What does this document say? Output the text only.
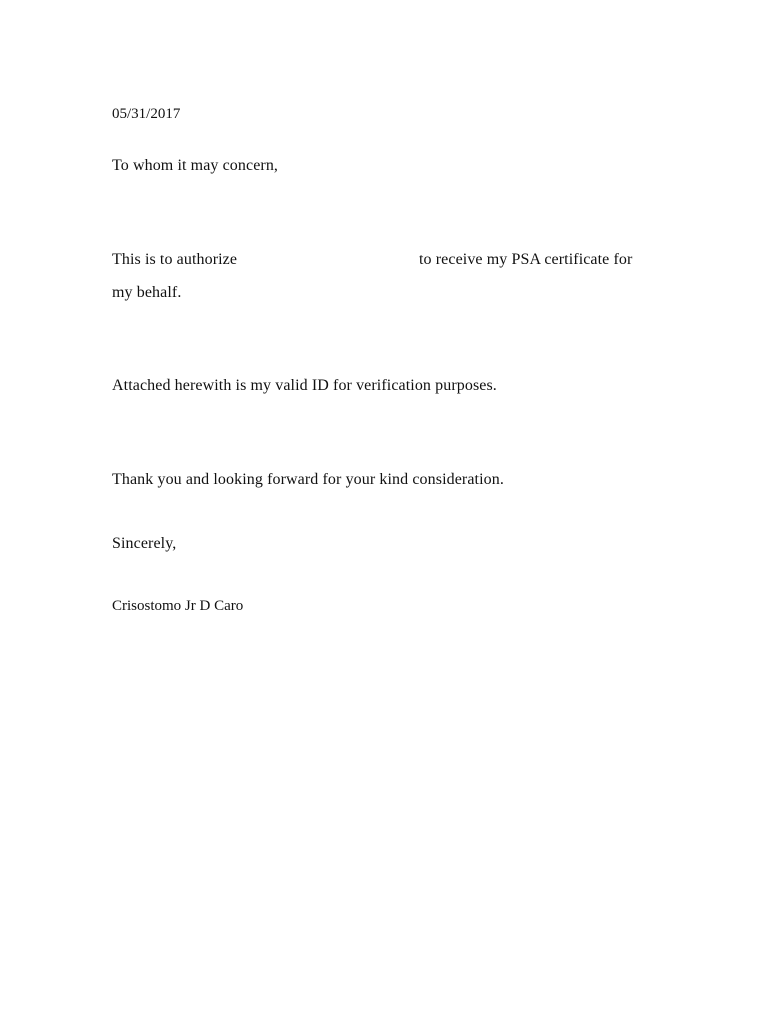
05/31/2017
To whom it may concern,
This is to authorize	to receive my PSA certificate for
my behalf.
Attached herewith is my valid ID for verification purposes.
Thank you and looking forward for your kind consideration.
Sincerely,
Crisostomo Jr D Caro
